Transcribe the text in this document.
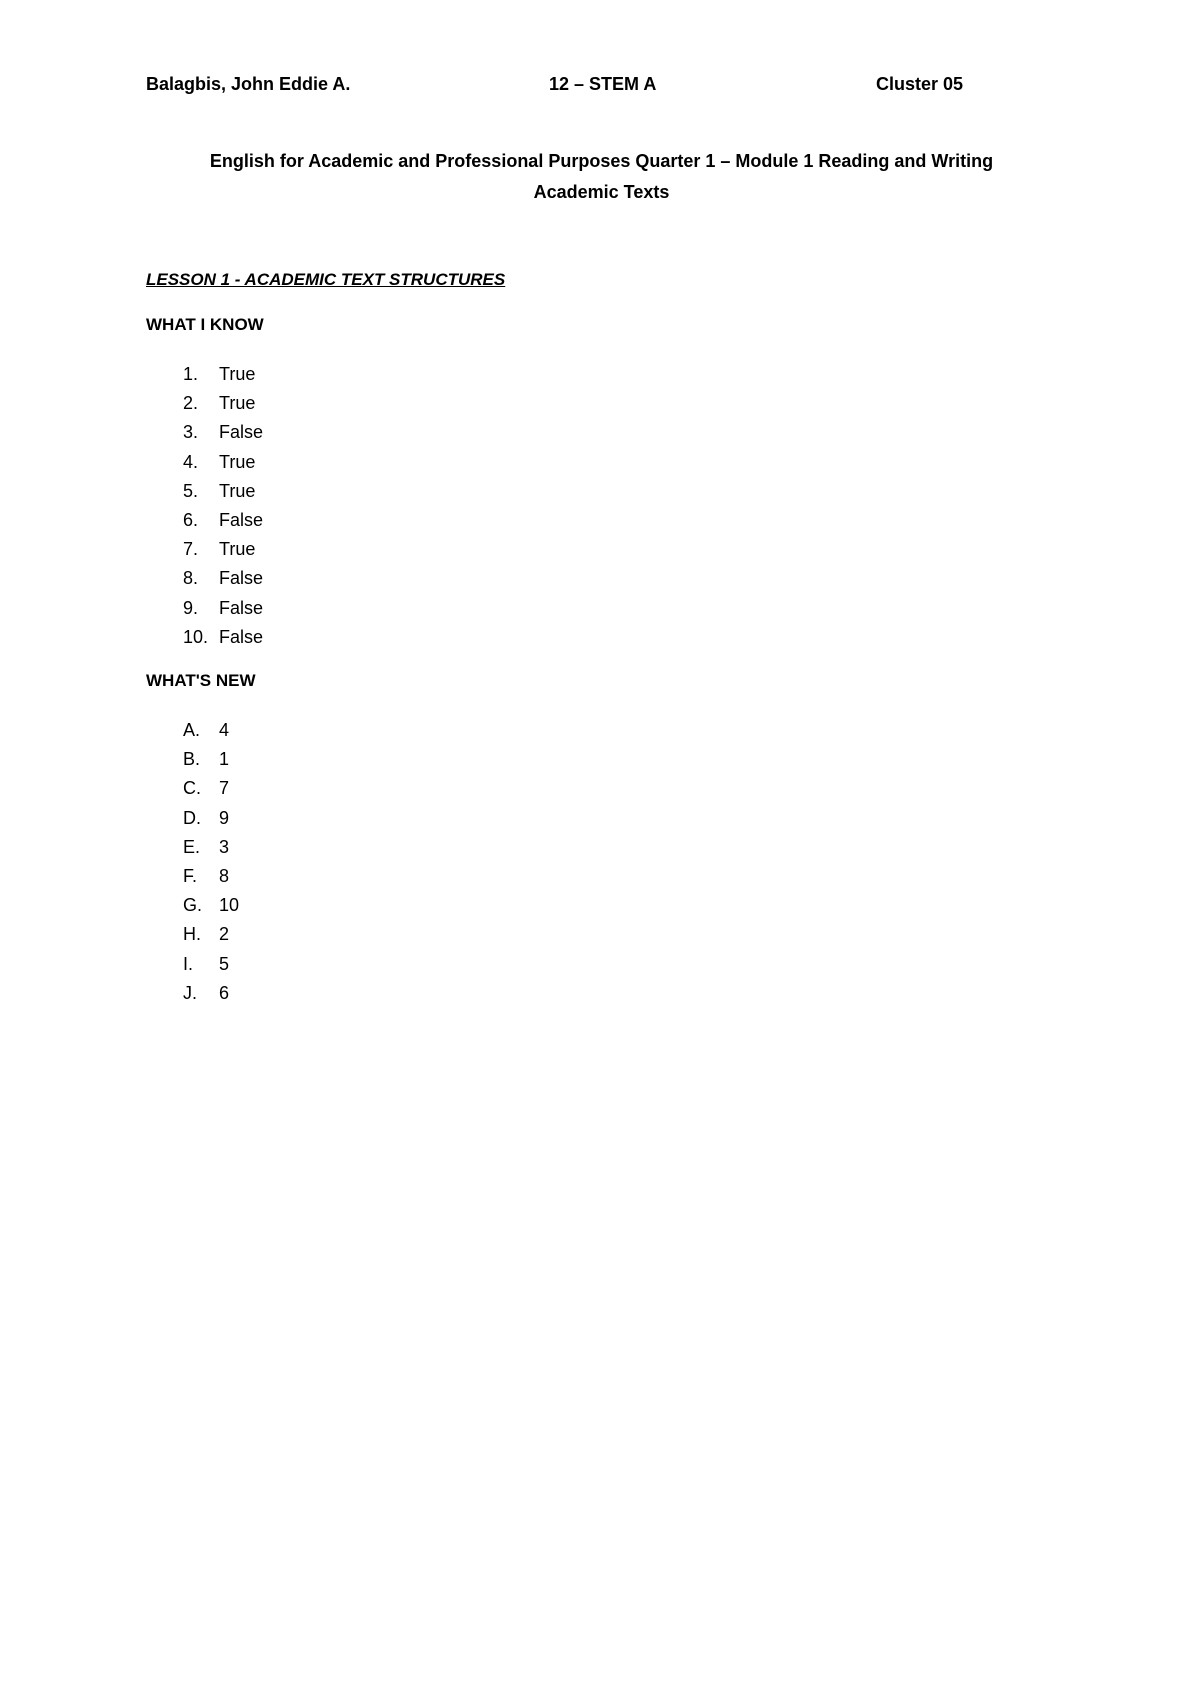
Balagbis, John Eddie A.	12 – STEM A	Cluster 05
English for Academic and Professional Purposes Quarter 1 – Module 1 Reading and Writing
Academic Texts
LESSON 1 - ACADEMIC TEXT STRUCTURES
WHAT I KNOW
1. True
2. True
3. False
4. True
5. True
6. False
7. True
8. False
9. False
10. False
WHAT'S NEW
A. 4
B. 1
C. 7
D. 9
E. 3
F. 8
G. 10
H. 2
I. 5
J. 6
